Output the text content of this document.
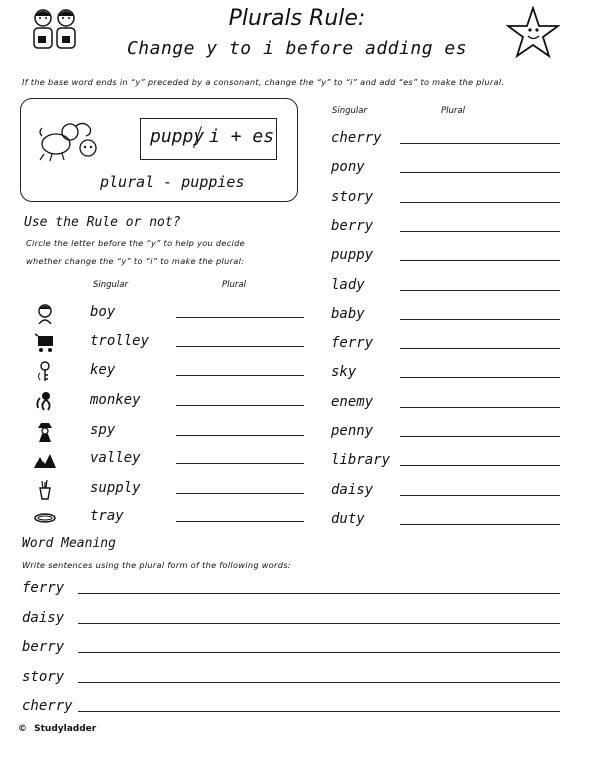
Plurals Rule:
Change y to i before adding es
If the base word ends in “y” preceded by a consonant, change the “y” to “i” and add “es” to make the plural.
puppy i + es
plural - puppies
Use the Rule or not?
Circle the letter before the “y” to help you decide
whether change the “y” to “i” to make the plural:
Singular	Plural
boy
trolley
key
monkey
spy
valley
supply
tray
Singular	Plural
cherry
pony
story
berry
puppy
lady
baby
ferry
sky
enemy
penny
library
daisy
duty
Word Meaning
Write sentences using the plural form of the following words:
ferry
daisy
berry
story
cherry
© Studyladder
